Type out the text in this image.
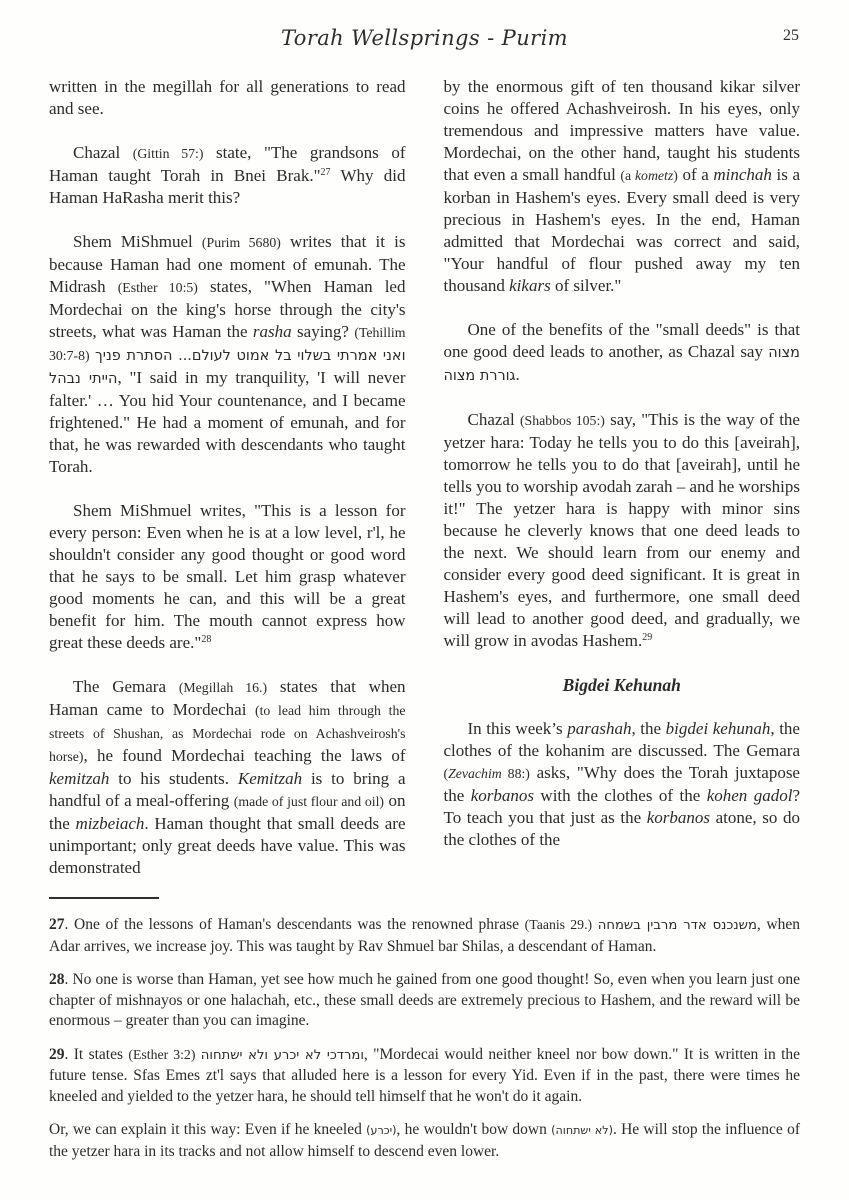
Torah Wellsprings - Purim	25

written in the megillah for all generations to read and see.

Chazal (Gittin 57:) state, "The grandsons of Haman taught Torah in Bnei Brak."$^{27}$ Why did Haman HaRasha merit this?

Shem MiShmuel (Purim 5680) writes that it is because Haman had one moment of emunah. The Midrash (Esther 10:5) states, "When Haman led Mordechai on the king's horse through the city's streets, what was Haman the rasha saying? (Tehillim 30:7-8) ואני אמרתי בשלוי בל אמוט לעולם... הסתרת פניך הייתי נבהל, "I said in my tranquility, 'I will never falter.' … You hid Your countenance, and I became frightened." He had a moment of emunah, and for that, he was rewarded with descendants who taught Torah.

Shem MiShmuel writes, "This is a lesson for every person: Even when he is at a low level, r'l, he shouldn't consider any good thought or good word that he says to be small. Let him grasp whatever good moments he can, and this will be a great benefit for him. The mouth cannot express how great these deeds are."$^{28}$

The Gemara (Megillah 16.) states that when Haman came to Mordechai (to lead him through the streets of Shushan, as Mordechai rode on Achashveirosh's horse), he found Mordechai teaching the laws of kemitzah to his students. Kemitzah is to bring a handful of a meal-offering (made of just flour and oil) on the mizbeiach. Haman thought that small deeds are unimportant; only great deeds have value. This was demonstrated

by the enormous gift of ten thousand kikar silver coins he offered Achashveirosh. In his eyes, only tremendous and impressive matters have value. Mordechai, on the other hand, taught his students that even a small handful (a kometz) of a minchah is a korban in Hashem's eyes. Every small deed is very precious in Hashem's eyes. In the end, Haman admitted that Mordechai was correct and said, "Your handful of flour pushed away my ten thousand kikars of silver."

One of the benefits of the "small deeds" is that one good deed leads to another, as Chazal say מצוה גוררת מצוה.

Chazal (Shabbos 105:) say, "This is the way of the yetzer hara: Today he tells you to do this [aveirah], tomorrow he tells you to do that [aveirah], until he tells you to worship avodah zarah – and he worships it!" The yetzer hara is happy with minor sins because he cleverly knows that one deed leads to the next. We should learn from our enemy and consider every good deed significant. It is great in Hashem's eyes, and furthermore, one small deed will lead to another good deed, and gradually, we will grow in avodas Hashem.$^{29}$

Bigdei Kehunah

In this week’s parashah, the bigdei kehunah, the clothes of the kohanim are discussed. The Gemara (Zevachim 88:) asks, "Why does the Torah juxtapose the korbanos with the clothes of the kohen gadol? To teach you that just as the korbanos atone, so do the clothes of the

27. One of the lessons of Haman's descendants was the renowned phrase (Taanis 29.) משנכנס אדר מרבין בשמחה, when Adar arrives, we increase joy. This was taught by Rav Shmuel bar Shilas, a descendant of Haman.

28. No one is worse than Haman, yet see how much he gained from one good thought! So, even when you learn just one chapter of mishnayos or one halachah, etc., these small deeds are extremely precious to Hashem, and the reward will be enormous – greater than you can imagine.

29. It states (Esther 3:2) ומרדכי לא יכרע ולא ישתחוה, "Mordecai would neither kneel nor bow down." It is written in the future tense. Sfas Emes zt'l says that alluded here is a lesson for every Yid. Even if in the past, there were times he kneeled and yielded to the yetzer hara, he should tell himself that he won't do it again.

Or, we can explain it this way: Even if he kneeled (יכרע), he wouldn't bow down (לא ישתחוה). He will stop the influence of the yetzer hara in its tracks and not allow himself to descend even lower.
